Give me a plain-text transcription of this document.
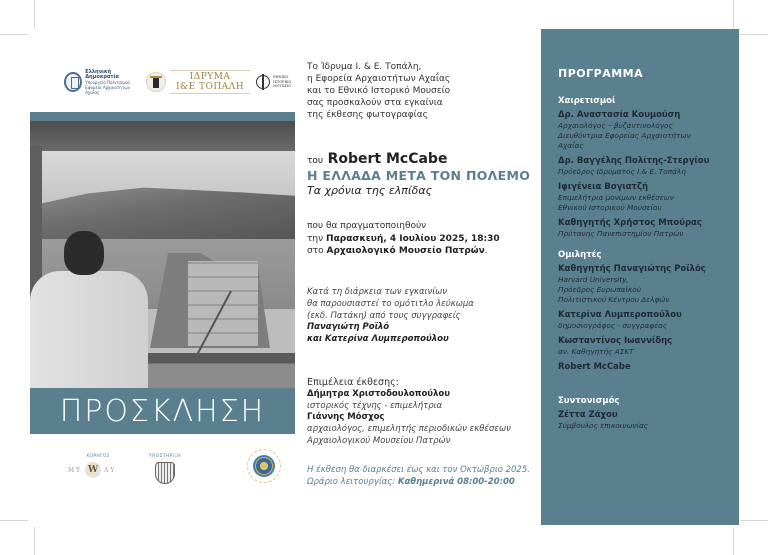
Ελληνική Δημοκρατία
Υπουργείο Πολιτισμού
Εφορεία Αρχαιοτήτων Αχαΐας
ΙΔΡΥΜΑ
Ι&Ε ΤΟΠΑΛΗ
ΕΘΝΙΚΟ
ΙΣΤΟΡΙΚΟ
ΜΟΥΣΕΙΟ
ΠΡΟΣΚΛΗΣΗ
ΧΟΡΗΓΟΣ
MY W AY
ΥΠΟΣΤΗΡΙΞΗ
Το Ίδρυμα Ι. & Ε. Τοπάλη,
η Εφορεία Αρχαιοτήτων Αχαΐας
και το Εθνικό Ιστορικό Μουσείο
σας προσκαλούν στα εγκαίνια
της έκθεσης φωτογραφίας
του Robert McCabe
Η ΕΛΛΑΔΑ ΜΕΤΑ ΤΟΝ ΠΟΛΕΜΟ
Τα χρόνια της ελπίδας
που θα πραγματοποιηθούν
την Παρασκευή, 4 Ιουλίου 2025, 18:30
στο Αρχαιολογικό Μουσείο Πατρών.
Κατά τη διάρκεια των εγκαινίων
θα παρουσιαστεί το ομότιτλο λεύκωμα
(εκδ. Πατάκη) από τους συγγραφείς
Παναγιώτη Ροϊλό
και Κατερίνα Λυμπεροπούλου
Επιμέλεια έκθεσης:
Δήμητρα Χριστοδουλοπούλου
ιστορικός τέχνης - επιμελήτρια
Γιάννης Μόσχος
αρχαιολόγος, επιμελητής περιοδικών εκθέσεων
Αρχαιολογικού Μουσείου Πατρών
Η έκθεση θα διαρκέσει έως και τον Οκτώβριο 2025.
Ωράριο λειτουργίας: Καθημερινά 08:00-20:00
ΠΡΟΓΡΑΜΜΑ
Χαιρετισμοί
Δρ. Αναστασία Κουμούση
Αρχαιολόγος – βυζαντινολόγος
Διευθύντρια Εφορείας Αρχαιοτήτων
Αχαΐας
Δρ. Βαγγέλης Πολίτης-Στεργίου
Πρόεδρος Ιδρύματος Ι.& Ε. Τοπάλη
Ιφιγένεια Βογιατζή
Επιμελήτρια μονίμων εκθέσεων
Εθνικού Ιστορικού Μουσείου
Καθηγητής Χρήστος Μπούρας
Πρύτανης Πανεπιστημίου Πατρών
Ομιλητές
Καθηγητής Παναγιώτης Ροϊλός
Harvard University,
Πρόεδρος Ευρωπαϊκού
Πολιτιστικού Κέντρου Δελφών
Κατερίνα Λυμπεροπούλου
δημοσιογράφος - συγγραφέας
Κωσταντίνος Ιωαννίδης
αν. Καθηγητής ΑΣΚΤ
Robert McCabe
Συντονισμός
Ζέττα Ζάχου
Σύμβουλος επικοινωνίας
